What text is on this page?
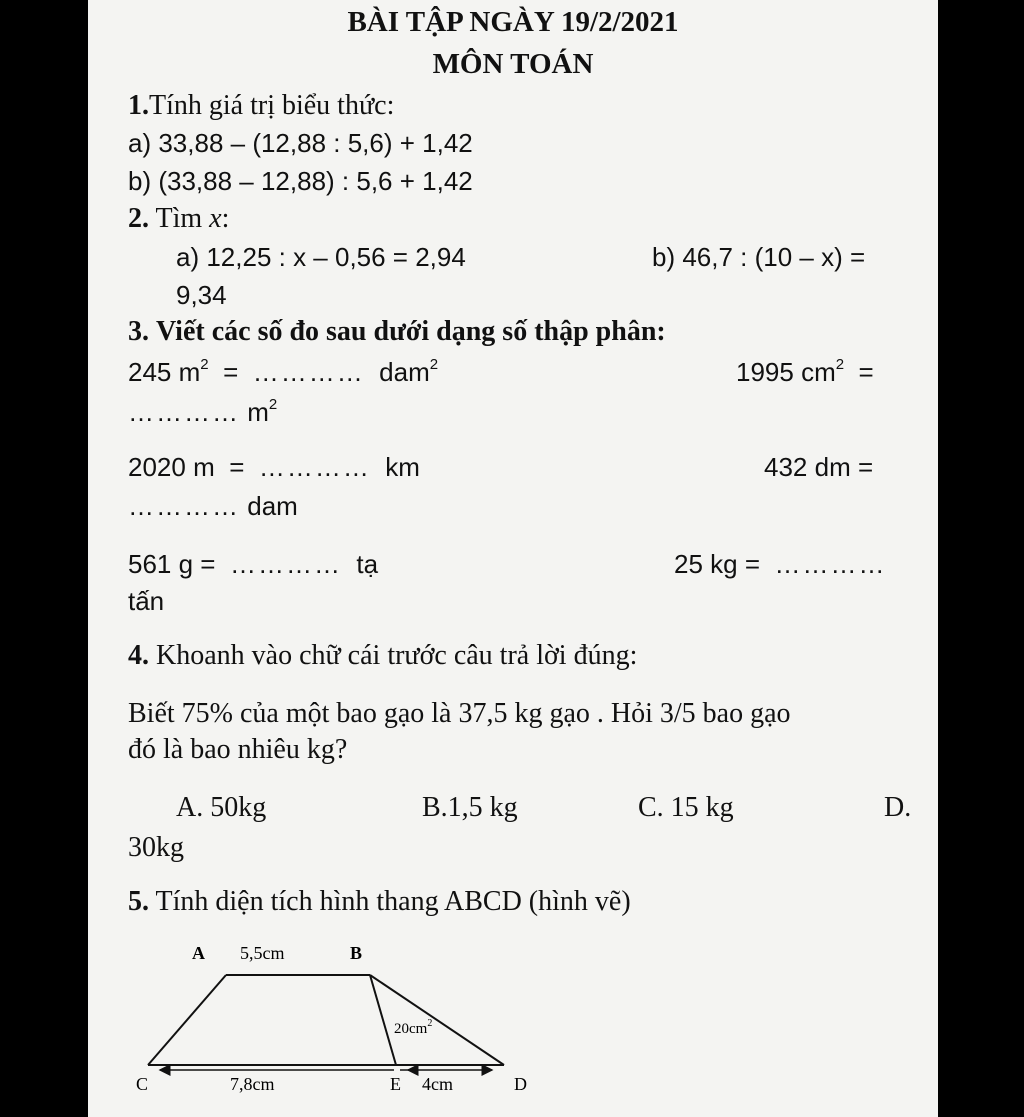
BÀI TẬP NGÀY 19/2/2021
MÔN TOÁN
1.Tính giá trị biểu thức:
a) 33,88 – (12,88 : 5,6) + 1,42
b) (33,88 – 12,88) : 5,6 + 1,42
2. Tìm x:
a) 12,25 : x – 0,56 = 2,94	b) 46,7 : (10 – x) =
9,34
3. Viết các số đo sau dưới dạng số thập phân:
245 $m^2$ = ………… dam$^2$	1995 $cm^2$ =
………… $m^2$
2020 m = ………… km	432 dm =
………… dam
561 g = ………… tạ	25 kg = …………
tấn
4. Khoanh vào chữ cái trước câu trả lời đúng:
Biết 75% của một bao gạo là 37,5 kg gạo . Hỏi 3/5 bao gạo
đó là bao nhiêu kg?
A. 50kg	B.1,5 kg	C. 15 kg	D.
30kg
5. Tính diện tích hình thang ABCD (hình vẽ)
A 5,5cm	B
$20cm^2$
C	7,8cm	E 4cm	D
